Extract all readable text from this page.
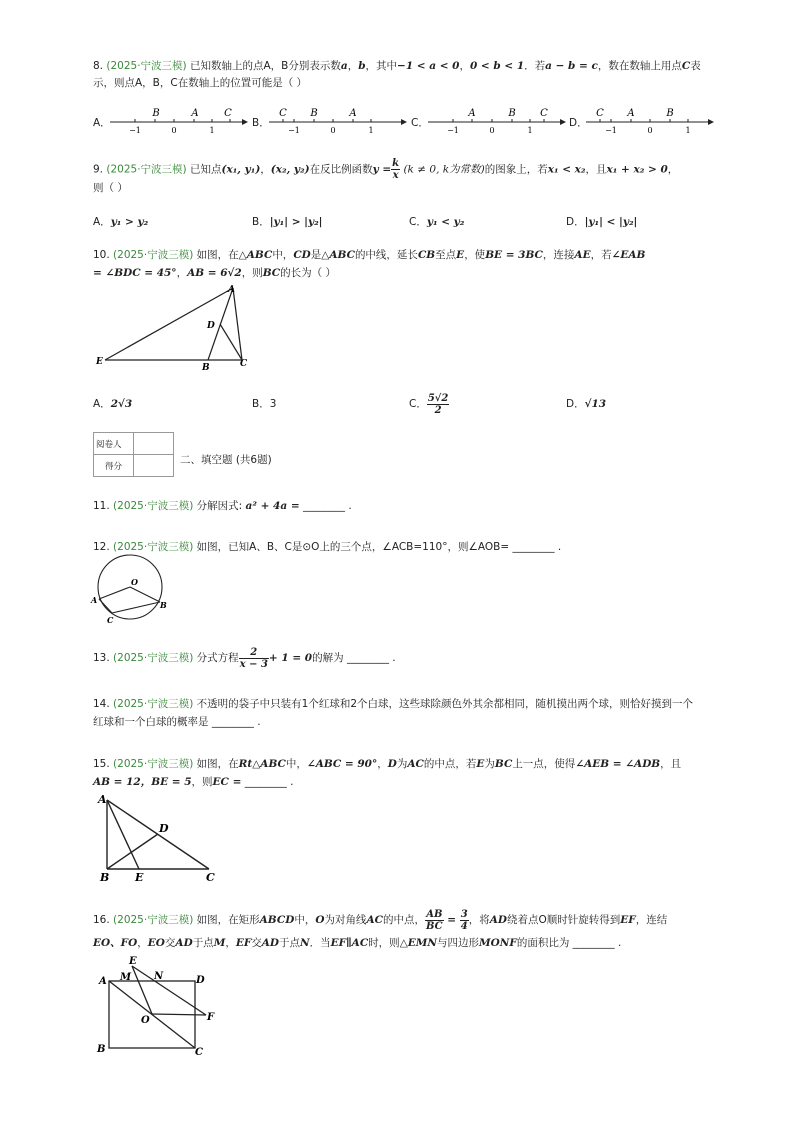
8. (2025·宁波三模) 已知数轴上的点A，B分别表示数a，b，其中−1 < a < 0，0 < b < 1．若a − b = c，数在数轴上用点C表
示，则点A，B，C在数轴上的位置可能是（ ）
A．
B	A	C
−1	0	1
B．
C B	A
−1	0	1
C．
A	B C
−1	0	1
D．
C A	B
−1	0	1
9. (2025·宁波三模) 已知点(x₁, y₁)，(x₂, y₂)在反比例函数$y = \frac{k}{x} (k \ne 0$, k为常数)的图象上，若x₁ < x₂，且x₁ + x₂ > 0，
则（ ）
A．y₁ > y₂	B．|y₁| > |y₂|	C．y₁ < y₂	D．|y₁| < |y₂|
10. (2025·宁波三模) 如图，在△ABC中，CD是△ABC的中线，延长CB至点E，使BE = 3BC，连接AE，若∠EAB
= ∠BDC = 45°，AB = 6√2，则BC的长为（ ）
A
D
E
B	C
A．2√3	B．3	C． $\frac{5√2}{2}$	D．√13
阅卷人	
得分	
二、填空题 (共6题)
11. (2025·宁波三模) 分解因式: a² + 4a = ________ .
12. (2025·宁波三模) 如图，已知A、B、C是⊙O上的三个点，∠ACB=110°，则∠AOB= ________ .
O
A	B
C
13. (2025·宁波三模) 分式方程 $\frac{2}{x - 3} + 1 = 0$的解为 ________ .
14. (2025·宁波三模) 不透明的袋子中只装有1个红球和2个白球，这些球除颜色外其余都相同，随机摸出两个球，则恰好摸到一个
红球和一个白球的概率是 ________ .
15. (2025·宁波三模) 如图，在Rt△ABC中，∠ABC = 90°，D为AC的中点，若E为BC上一点，使得∠AEB = ∠ADB，且
AB = 12，BE = 5，则EC = ________ .
A
D
B E	C
16. (2025·宁波三模) 如图，在矩形ABCD中，O为对角线AC的中点， $\frac{AB}{BC} = \frac{3}{4}$ ，将AD绕着点O顺时针旋转得到EF，连结
EO、FO，EO交AD于点M，EF交AD于点N．当EF∥AC时，则△EMN与四边形MONF的面积比为 ________ .
E
A M N	D
O	F
B	C
